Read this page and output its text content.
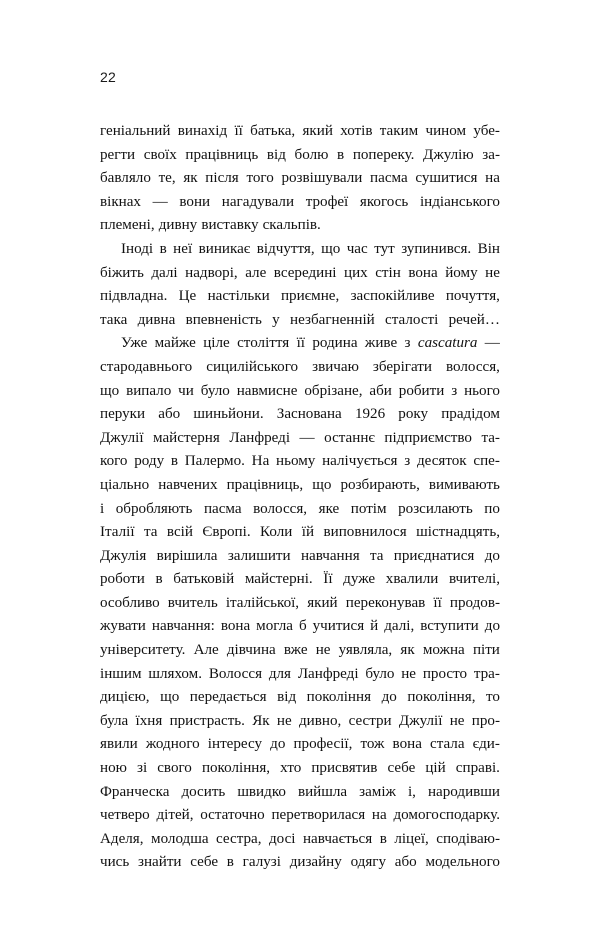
22
геніальний винахід її батька, який хотів таким чином убе-
регти своїх працівниць від болю в попереку. Джулію за-
бавляло те, як після того розвішували пасма сушитися на
вікнах — вони нагадували трофеї якогось індіанського
племені, дивну виставку скальпів.
Іноді в неї виникає відчуття, що час тут зупинився. Він
біжить далі надворі, але всередині цих стін вона йому не
підвладна. Це настільки приємне, заспокійливе почуття,
така дивна впевненість у незбагненній сталості речей…
Уже майже ціле століття її родина живе з cascatura —
стародавнього сицилійського звичаю зберігати волосся,
що випало чи було навмисне обрізане, аби робити з нього
перуки або шиньйони. Заснована 1926 року прадідом
Джулії майстерня Ланфреді — останнє підприємство та-
кого роду в Палермо. На ньому налічується з десяток спе-
ціально навчених працівниць, що розбирають, вимивають
і обробляють пасма волосся, яке потім розсилають по
Італії та всій Європі. Коли їй виповнилося шістнадцять,
Джулія вирішила залишити навчання та приєднатися до
роботи в батьковій майстерні. Її дуже хвалили вчителі,
особливо вчитель італійської, який переконував її продов-
жувати навчання: вона могла б учитися й далі, вступити до
університету. Але дівчина вже не уявляла, як можна піти
іншим шляхом. Волосся для Ланфреді було не просто тра-
дицією, що передається від покоління до покоління, то
була їхня пристрасть. Як не дивно, сестри Джулії не про-
явили жодного інтересу до професії, тож вона стала єди-
ною зі свого покоління, хто присвятив себе цій справі.
Франческа досить швидко вийшла заміж і, народивши
четверо дітей, остаточно перетворилася на домогосподарку.
Аделя, молодша сестра, досі навчається в ліцеї, сподіваю-
чись знайти себе в галузі дизайну одягу або модельного
